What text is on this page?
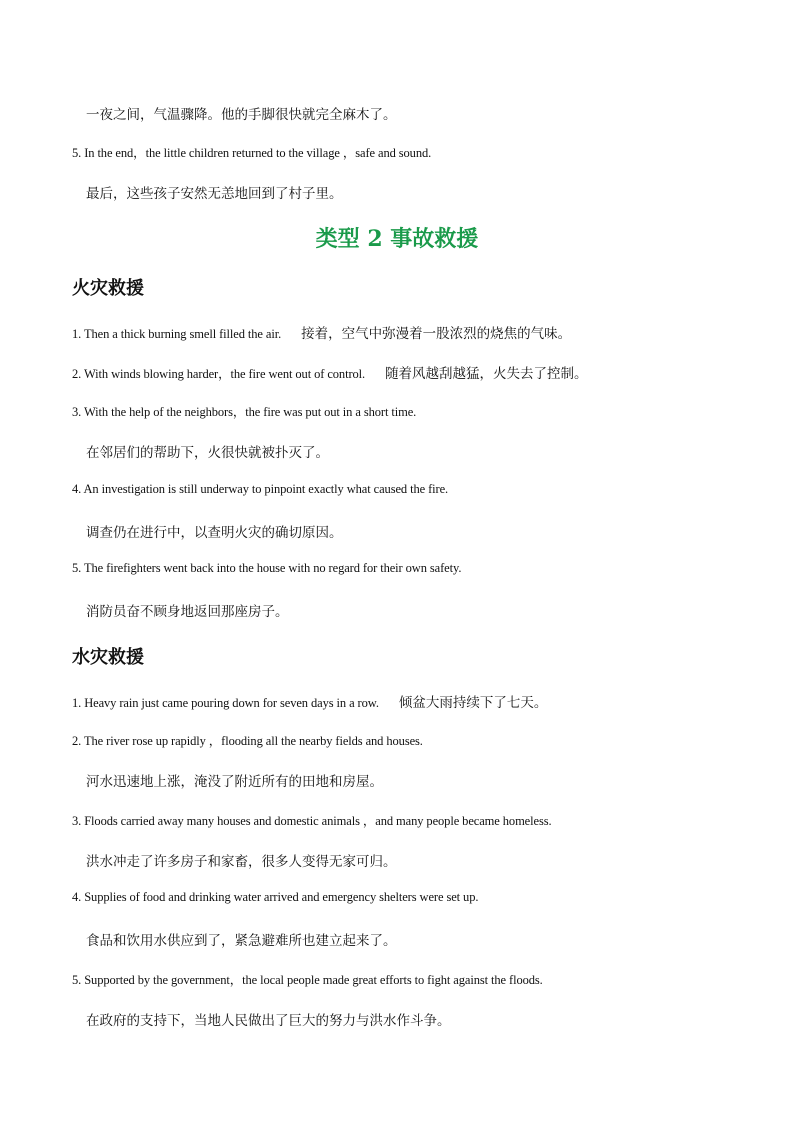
一夜之间，气温骤降。他的手脚很快就完全麻木了。
5. In the end，the little children returned to the village ，safe and sound.
最后，这些孩子安然无恙地回到了村子里。
类型 2 事故救援
火灾救援
1. Then a thick burning smell filled the air. 接着，空气中弥漫着一股浓烈的烧焦的气味。
2. With winds blowing harder，the fire went out of control. 随着风越刮越猛，火失去了控制。
3. With the help of the neighbors，the fire was put out in a short time.
在邻居们的帮助下，火很快就被扑灭了。
4. An investigation is still underway to pinpoint exactly what caused the fire.
调查仍在进行中，以查明火灾的确切原因。
5. The firefighters went back into the house with no regard for their own safety.
消防员奋不顾身地返回那座房子。
水灾救援
1. Heavy rain just came pouring down for seven days in a row. 倾盆大雨持续下了七天。
2. The river rose up rapidly ，flooding all the nearby fields and houses.
河水迅速地上涨，淹没了附近所有的田地和房屋。
3. Floods carried away many houses and domestic animals ，and many people became homeless.
洪水冲走了许多房子和家畜，很多人变得无家可归。
4. Supplies of food and drinking water arrived and emergency shelters were set up.
食品和饮用水供应到了，紧急避难所也建立起来了。
5. Supported by the government，the local people made great efforts to fight against the floods.
在政府的支持下，当地人民做出了巨大的努力与洪水作斗争。
